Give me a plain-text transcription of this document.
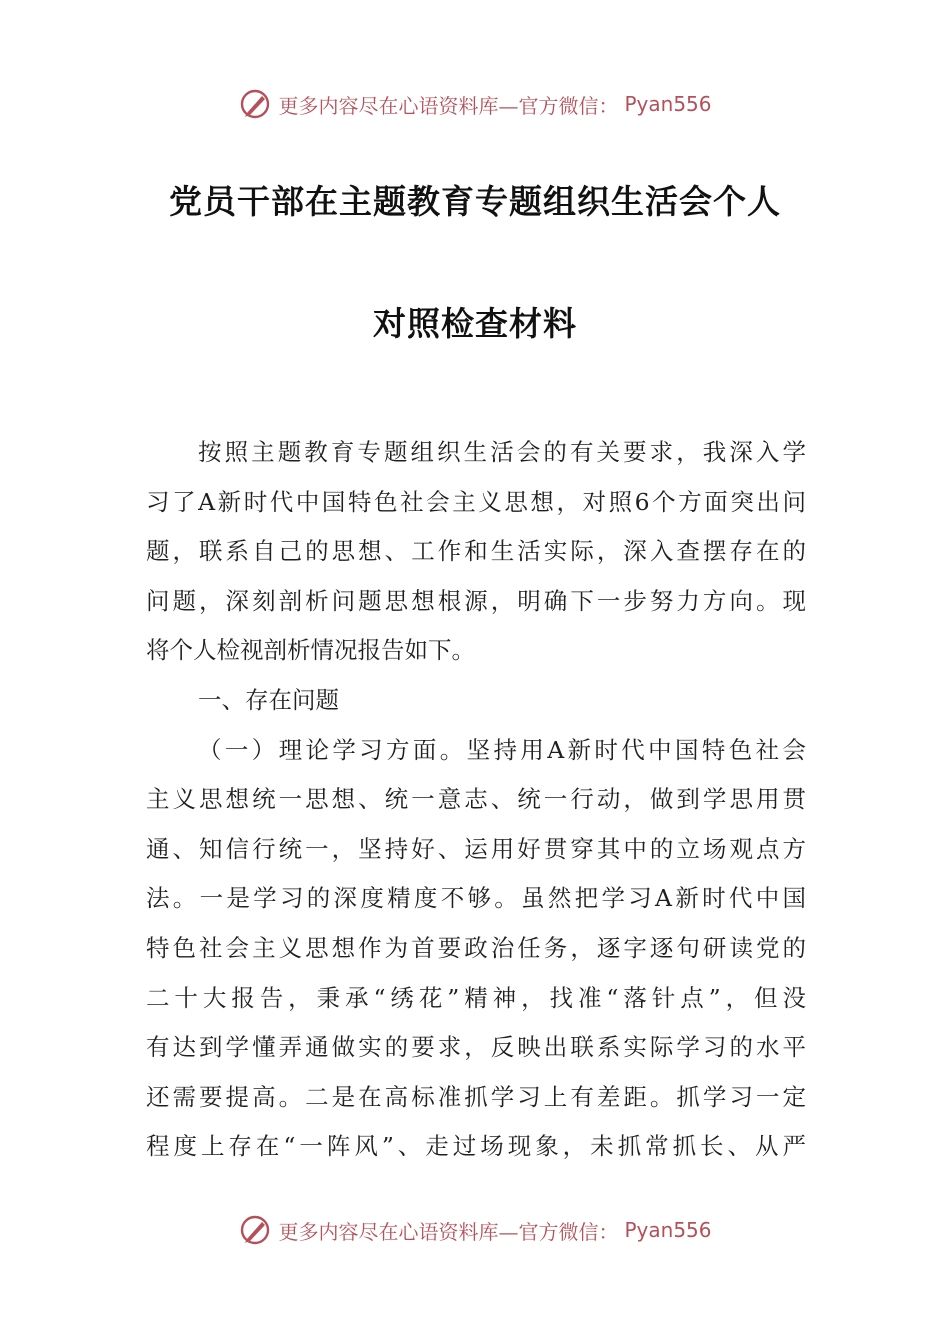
更多内容尽在心语资料库—官方微信： Pyan556
党员干部在主题教育专题组织生活会个人
对照检查材料
按照主题教育专题组织生活会的有关要求，我深入学
习了A新时代中国特色社会主义思想，对照6个方面突出问
题，联系自己的思想、工作和生活实际，深入查摆存在的
问题，深刻剖析问题思想根源，明确下一步努力方向。现
将个人检视剖析情况报告如下。
一、存在问题
（一）理论学习方面。坚持用A新时代中国特色社会
主义思想统一思想、统一意志、统一行动，做到学思用贯
通、知信行统一，坚持好、运用好贯穿其中的立场观点方
法。一是学习的深度精度不够。虽然把学习A新时代中国
特色社会主义思想作为首要政治任务，逐字逐句研读党的
二十大报告，秉承“绣花”精神，找准“落针点”，但没
有达到学懂弄通做实的要求，反映出联系实际学习的水平
还需要提高。二是在高标准抓学习上有差距。抓学习一定
程度上存在“一阵风”、走过场现象，未抓常抓长、从严
更多内容尽在心语资料库—官方微信： Pyan556
